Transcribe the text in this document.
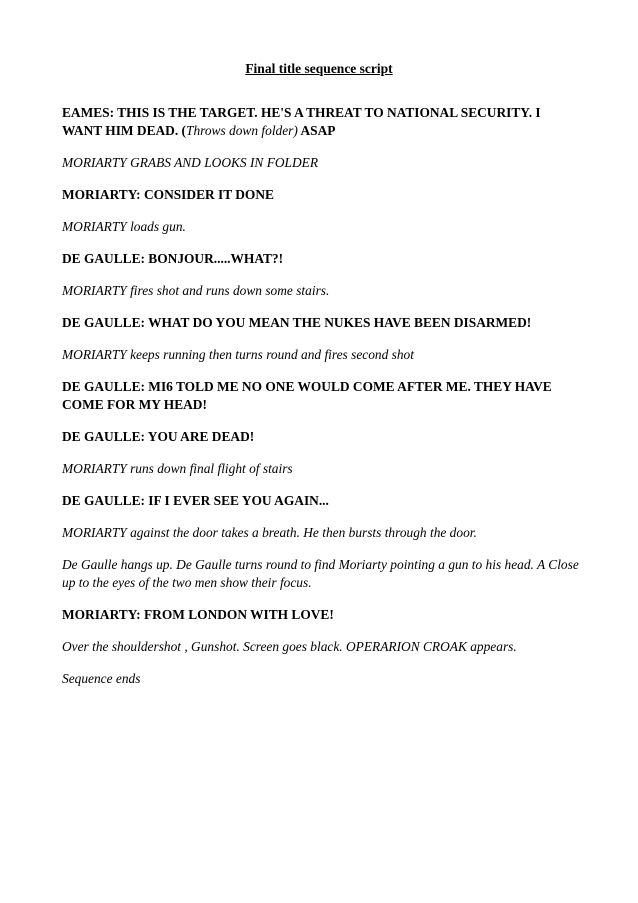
Final title sequence script

EAMES: THIS IS THE TARGET. HE'S A THREAT TO NATIONAL SECURITY. I WANT HIM DEAD. (Throws down folder) ASAP

MORIARTY GRABS AND LOOKS IN FOLDER

MORIARTY: CONSIDER IT DONE

MORIARTY loads gun.

DE GAULLE: BONJOUR.....WHAT?!

MORIARTY fires shot and runs down some stairs.

DE GAULLE: WHAT DO YOU MEAN THE NUKES HAVE BEEN DISARMED!

MORIARTY keeps running then turns round and fires second shot

DE GAULLE: MI6 TOLD ME NO ONE WOULD COME AFTER ME. THEY HAVE COME FOR MY HEAD!

DE GAULLE: YOU ARE DEAD!

MORIARTY runs down final flight of stairs

DE GAULLE: IF I EVER SEE YOU AGAIN...

MORIARTY against the door takes a breath. He then bursts through the door.

De Gaulle hangs up. De Gaulle turns round to find Moriarty pointing a gun to his head. A Close up to the eyes of the two men show their focus.

MORIARTY: FROM LONDON WITH LOVE!

Over the shouldershot , Gunshot. Screen goes black. OPERARION CROAK appears.

Sequence ends
